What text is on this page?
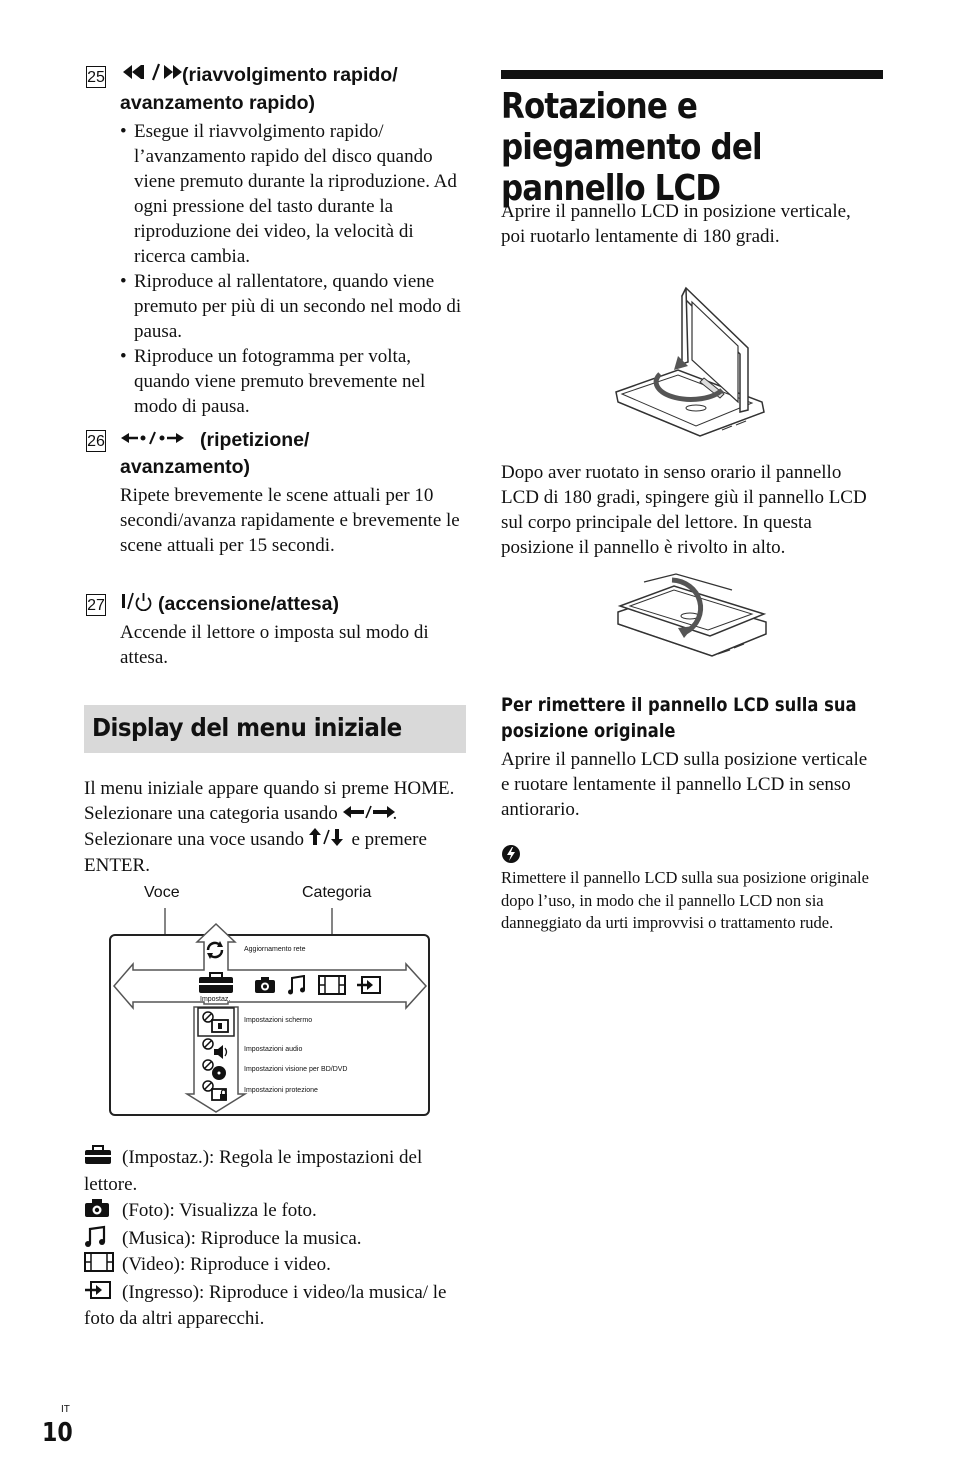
25	(riavvolgimento rapido/
avanzamento rapido)
• Esegue il riavvolgimento rapido/ l’avanzamento rapido del disco quando viene premuto durante la riproduzione. Ad ogni pressione del tasto durante la riproduzione dei video, la velocità di ricerca cambia.
• Riproduce al rallentatore, quando viene premuto per più di un secondo nel modo di pausa.
• Riproduce un fotogramma per volta, quando viene premuto brevemente nel modo di pausa.
26	(ripetizione/
avanzamento)
Ripete brevemente le scene attuali per 10 secondi/avanza rapidamente e brevemente le scene attuali per 15 secondi.
27	(accensione/attesa)
Accende il lettore o imposta sul modo di attesa.
Display del menu iniziale
Il menu iniziale appare quando si preme HOME. Selezionare una categoria usando	. Selezionare una voce usando	e premere ENTER.
Voce	Categoria
Aggiornamento rete
Impostaz.
Impostazioni schermo
Impostazioni audio
Impostazioni visione per BD/DVD
Impostazioni protezione
(Impostaz.): Regola le impostazioni del lettore.
(Foto): Visualizza le foto.
(Musica): Riproduce la musica.
(Video): Riproduce i video.
(Ingresso): Riproduce i video/la musica/ le foto da altri apparecchi.
Rotazione e piegamento del pannello LCD
Aprire il pannello LCD in posizione verticale, poi ruotarlo lentamente di 180 gradi.
Dopo aver ruotato in senso orario il pannello LCD di 180 gradi, spingere giù il pannello LCD sul corpo principale del lettore. In questa posizione il pannello è rivolto in alto.
Per rimettere il pannello LCD sulla sua posizione originale
Aprire il pannello LCD sulla posizione verticale e ruotare lentamente il pannello LCD in senso antiorario.
Rimettere il pannello LCD sulla sua posizione originale dopo l’uso, in modo che il pannello LCD non sia danneggiato da urti improvvisi o trattamento rude.
IT
10
